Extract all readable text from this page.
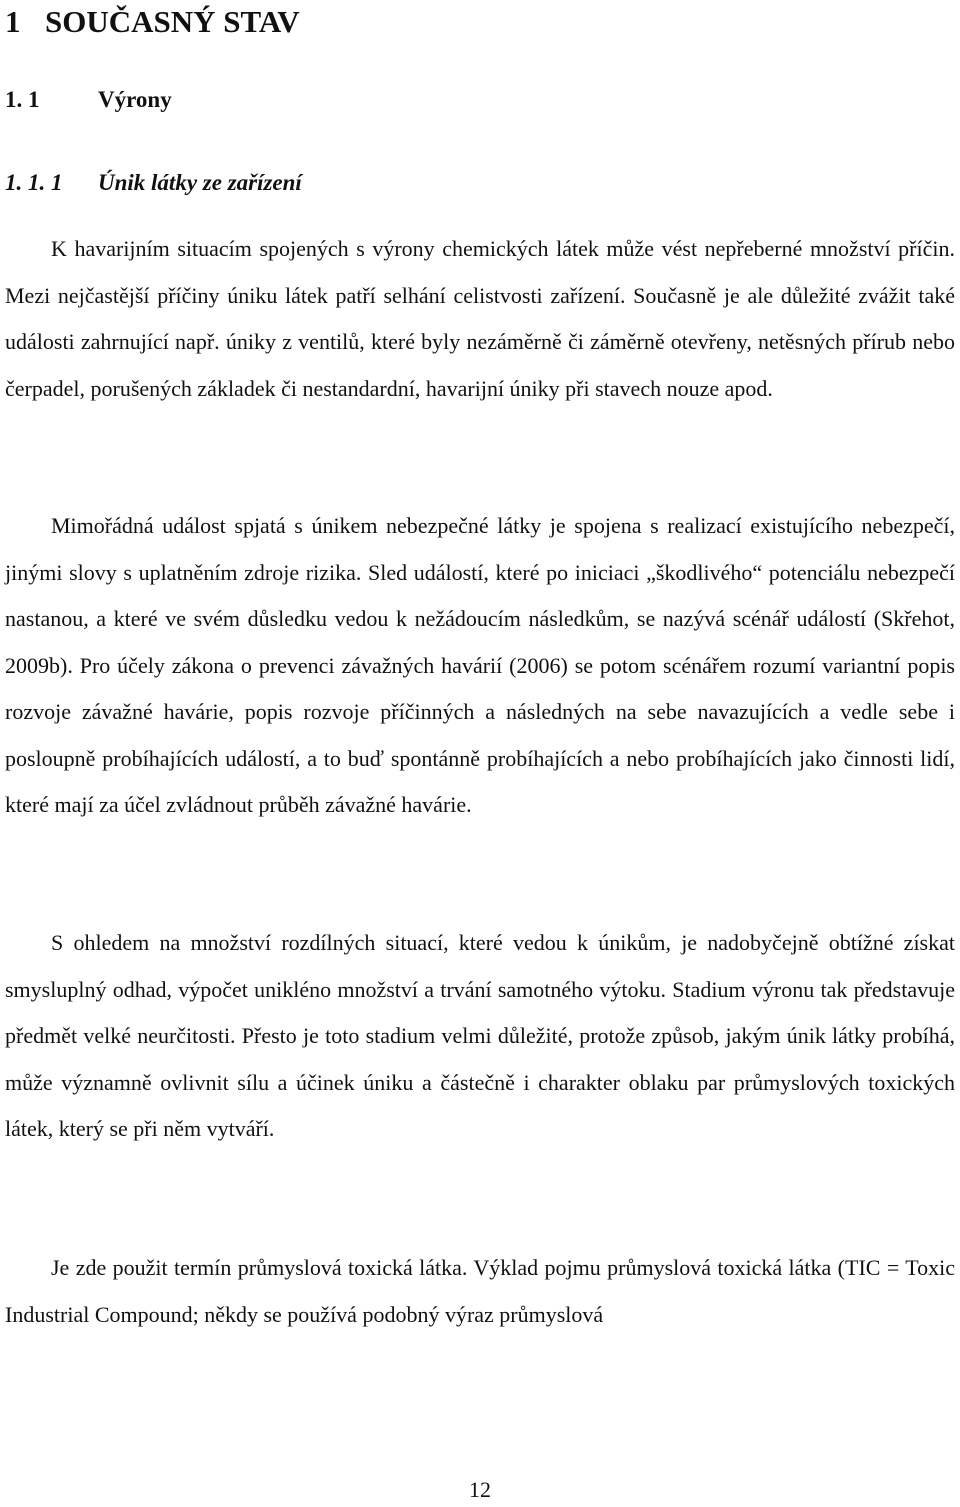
1 SOUČASNÝ STAV
1. 1	Výrony
1. 1. 1 Únik látky ze zařízení

K havarijním situacím spojených s výrony chemických látek může vést nepřeberné množství příčin. Mezi nejčastější příčiny úniku látek patří selhání celistvosti zařízení. Současně je ale důležité zvážit také události zahrnující např. úniky z ventilů, které byly nezáměrně či záměrně otevřeny, netěsných přírub nebo čerpadel, porušených základek či nestandardní, havarijní úniky při stavech nouze apod.

Mimořádná událost spjatá s únikem nebezpečné látky je spojena s realizací existujícího nebezpečí, jinými slovy s uplatněním zdroje rizika. Sled událostí, které po iniciaci „škodlivého“ potenciálu nebezpečí nastanou, a které ve svém důsledku vedou k nežádoucím následkům, se nazývá scénář událostí (Skřehot, 2009b). Pro účely zákona o prevenci závažných havárií (2006) se potom scénářem rozumí variantní popis rozvoje závažné havárie, popis rozvoje příčinných a následných na sebe navazujících a vedle sebe i posloupně probíhajících událostí, a to buď spontánně probíhajících a nebo probíhajících jako činnosti lidí, které mají za účel zvládnout průběh závažné havárie.

S ohledem na množství rozdílných situací, které vedou k únikům, je nadobyčejně obtížné získat smysluplný odhad, výpočet unikléno množství a trvání samotného výtoku. Stadium výronu tak představuje předmět velké neurčitosti. Přesto je toto stadium velmi důležité, protože způsob, jakým únik látky probíhá, může významně ovlivnit sílu a účinek úniku a částečně i charakter oblaku par průmyslových toxických látek, který se při něm vytváří.

Je zde použit termín průmyslová toxická látka. Výklad pojmu průmyslová toxická látka (TIC = Toxic Industrial Compound; někdy se používá podobný výraz průmyslová

12
